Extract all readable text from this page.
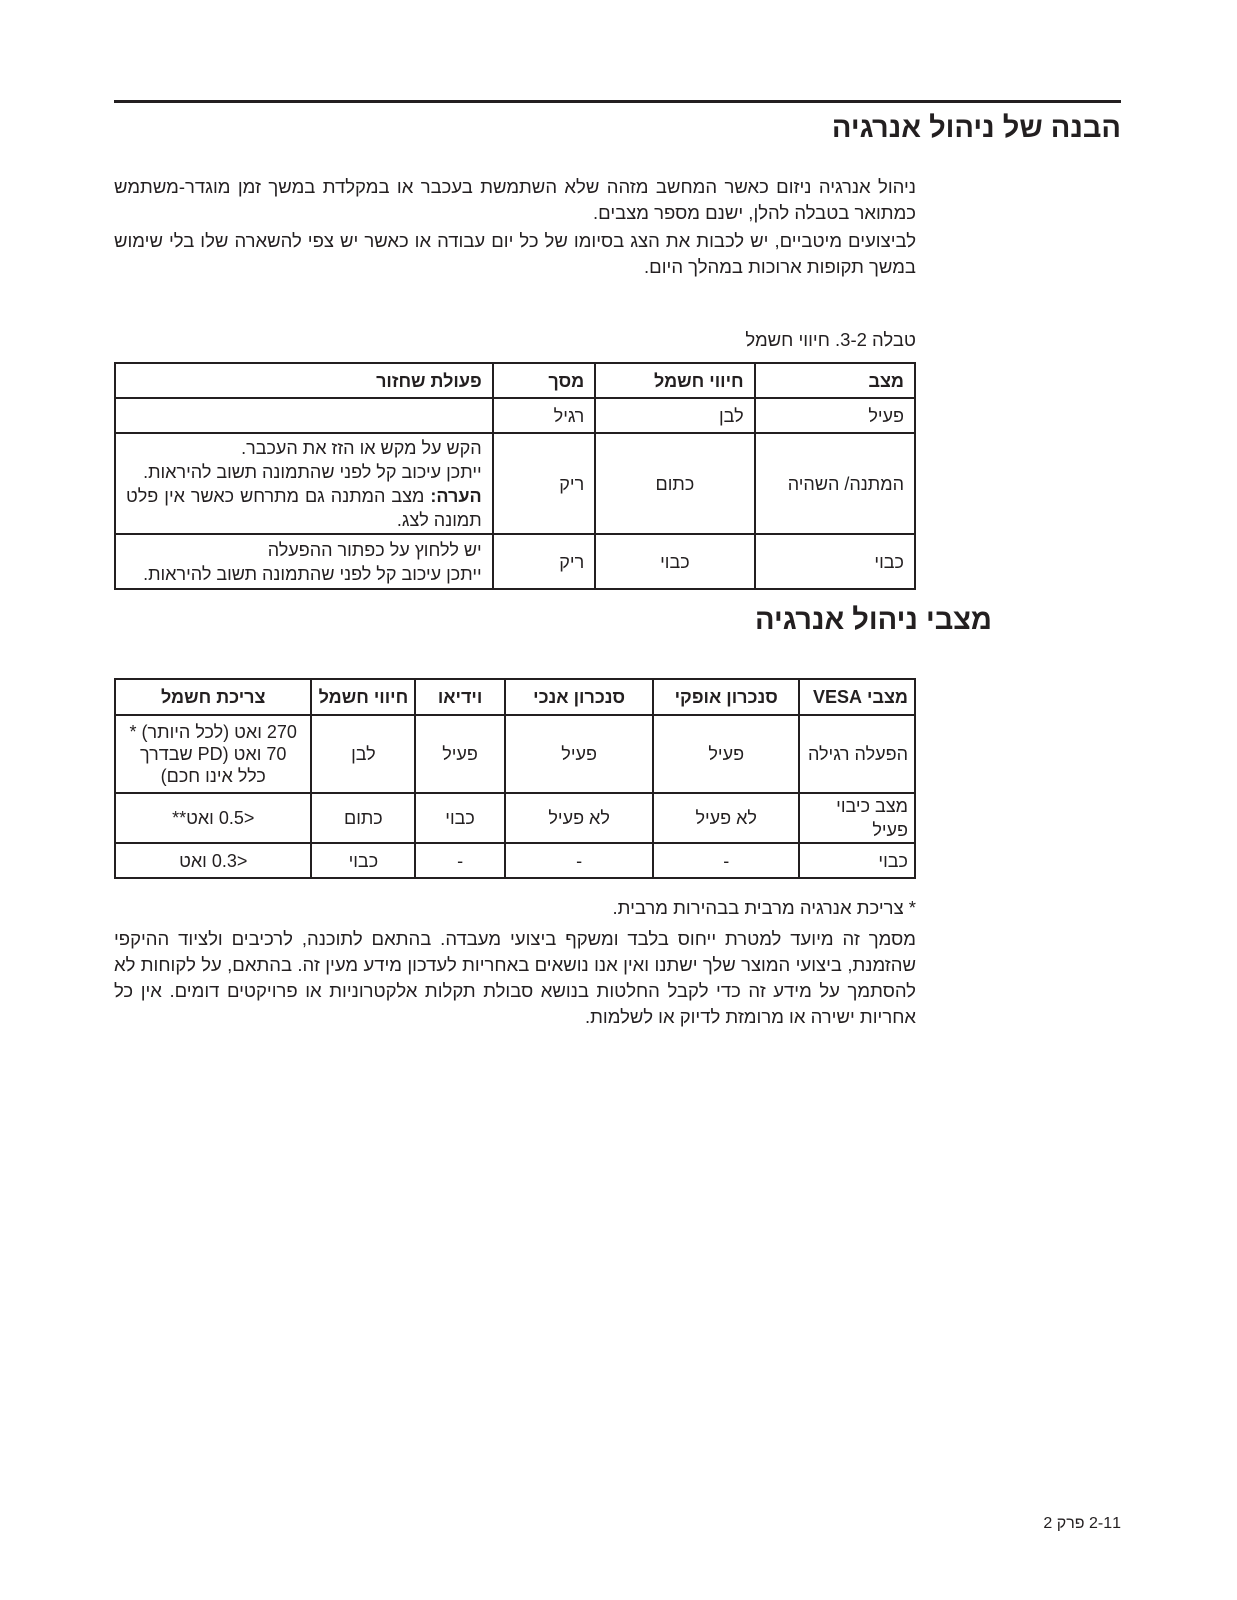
הבנה של ניהול אנרגיה

ניהול אנרגיה ניזום כאשר המחשב מזהה שלא השתמשת בעכבר או במקלדת במשך זמן מוגדר-משתמש כמתואר בטבלה להלן, ישנם מספר מצבים.

לביצועים מיטביים, יש לכבות את הצג בסיומו של כל יום עבודה או כאשר יש צפי להשארה שלו בלי שימוש במשך תקופות ארוכות במהלך היום.

טבלה 3-2. חיווי חשמל

מצב	חיווי חשמל	מסך	פעולת שחזור
פעיל	לבן	רגיל	
המתנה/ השהיה	כתום	ריק	הקש על מקש או הזז את העכבר.
ייתכן עיכוב קל לפני שהתמונה תשוב להיראות.
הערה: מצב המתנה גם מתרחש כאשר אין פלט תמונה לצג.

כבוי	כבוי	ריק	יש ללחוץ על כפתור ההפעלה
ייתכן עיכוב קל לפני שהתמונה תשוב להיראות.
מצבי ניהול אנרגיה
מצבי VESA	סנכרון אופקי	סנכרון אנכי	וידיאו	חיווי חשמל	צריכת חשמל
הפעלה רגילה	פעיל	פעיל	פעיל	לבן	270 ואט (לכל היותר) *
70 ואט (PD שבדרך
כלל אינו חכם)

מצב כיבוי פעיל	לא פעיל	לא פעיל	כבוי	כתום	<0.5 ואט**
כבוי	-	-	-	כבוי	<0.3 ואט

* צריכת אנרגיה מרבית בבהירות מרבית.

מסמך זה מיועד למטרת ייחוס בלבד ומשקף ביצועי מעבדה. בהתאם לתוכנה, לרכיבים ולציוד ההיקפי שהזמנת, ביצועי המוצר שלך ישתנו ואין אנו נושאים באחריות לעדכון מידע מעין זה. בהתאם, על לקוחות לא להסתמך על מידע זה כדי לקבל החלטות בנושא סבולת תקלות אלקטרוניות או פרויקטים דומים. אין כל אחריות ישירה או מרומזת לדיוק או לשלמות.

2-11 פרק 2
